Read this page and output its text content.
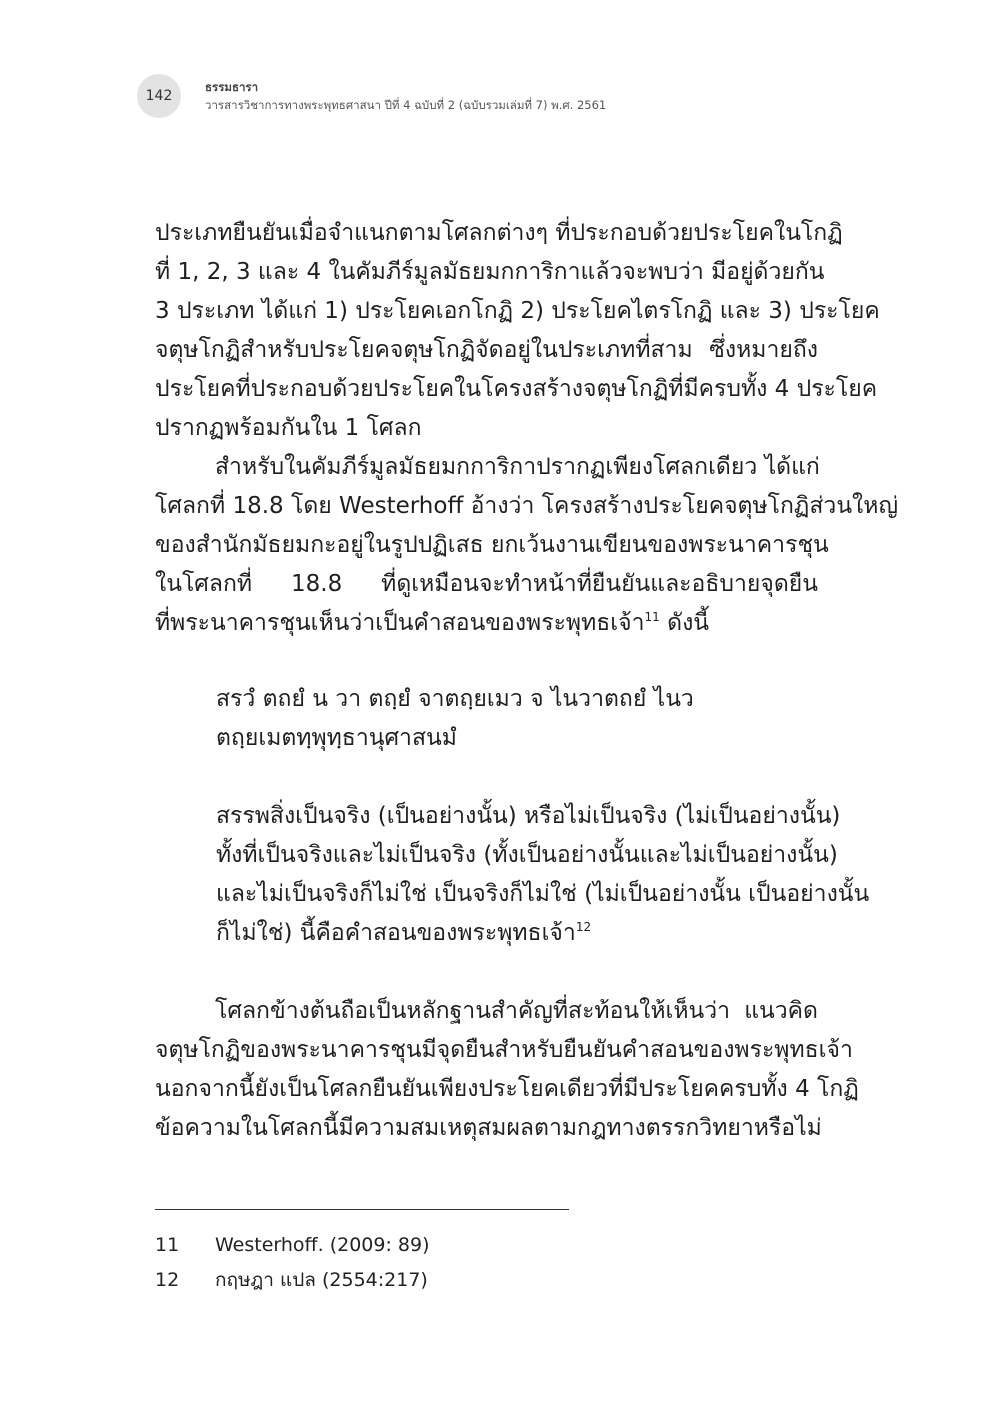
142
ธรรมธารา
วารสารวิชาการทางพระพุทธศาสนา ปีที่ 4 ฉบับที่ 2 (ฉบับรวมเล่มที่ 7) พ.ศ. 2561
ประเภทยืนยันเมื่อจำแนกตามโศลกต่างๆ ที่ประกอบด้วยประโยคในโกฏิ
ที่ 1, 2, 3 และ 4 ในคัมภีร์มูลมัธยมกการิกาแล้วจะพบว่า มีอยู่ด้วยกัน
3 ประเภท ได้แก่ 1) ประโยคเอกโกฏิ 2) ประโยคไตรโกฏิ และ 3) ประโยค
จตุษโกฏิสำหรับประโยคจตุษโกฏิจัดอยู่ในประเภทที่สาม ซึ่งหมายถึง
ประโยคที่ประกอบด้วยประโยคในโครงสร้างจตุษโกฏิที่มีครบทั้ง 4 ประโยค
ปรากฏพร้อมกันใน 1 โศลก
สำหรับในคัมภีร์มูลมัธยมกการิกาปรากฏเพียงโศลกเดียว ได้แก่
โศลกที่ 18.8 โดย Westerhoff อ้างว่า โครงสร้างประโยคจตุษโกฏิส่วนใหญ่
ของสำนักมัธยมกะอยู่ในรูปปฏิเสธ ยกเว้นงานเขียนของพระนาคารชุน
ในโศลกที่ 18.8 ที่ดูเหมือนจะทำหน้าที่ยืนยันและอธิบายจุดยืน
ที่พระนาคารชุนเห็นว่าเป็นคำสอนของพระพุทธเจ้า$^{11}$ ดังนี้
สรวํ ตถยํ น วา ตถฺยํ จาตถฺยเมว จ ไนวาตถยํ ไนว
ตถฺยเมตทฺพุทฺธานุศาสนมํ
สรรพสิ่งเป็นจริง (เป็นอย่างนั้น) หรือไม่เป็นจริง (ไม่เป็นอย่างนั้น)
ทั้งที่เป็นจริงและไม่เป็นจริง (ทั้งเป็นอย่างนั้นและไม่เป็นอย่างนั้น)
และไม่เป็นจริงก็ไม่ใช่ เป็นจริงก็ไม่ใช่ (ไม่เป็นอย่างนั้น เป็นอย่างนั้น
ก็ไม่ใช่) นี้คือคำสอนของพระพุทธเจ้า$^{12}$
โศลกข้างต้นถือเป็นหลักฐานสำคัญที่สะท้อนให้เห็นว่า แนวคิด
จตุษโกฏิของพระนาคารชุนมีจุดยืนสำหรับยืนยันคำสอนของพระพุทธเจ้า
นอกจากนี้ยังเป็นโศลกยืนยันเพียงประโยคเดียวที่มีประโยคครบทั้ง 4 โกฏิ
ข้อความในโศลกนี้มีความสมเหตุสมผลตามกฎทางตรรกวิทยาหรือไม่
11	Westerhoff. (2009: 89)
12	กฤษฎา แปล (2554:217)
